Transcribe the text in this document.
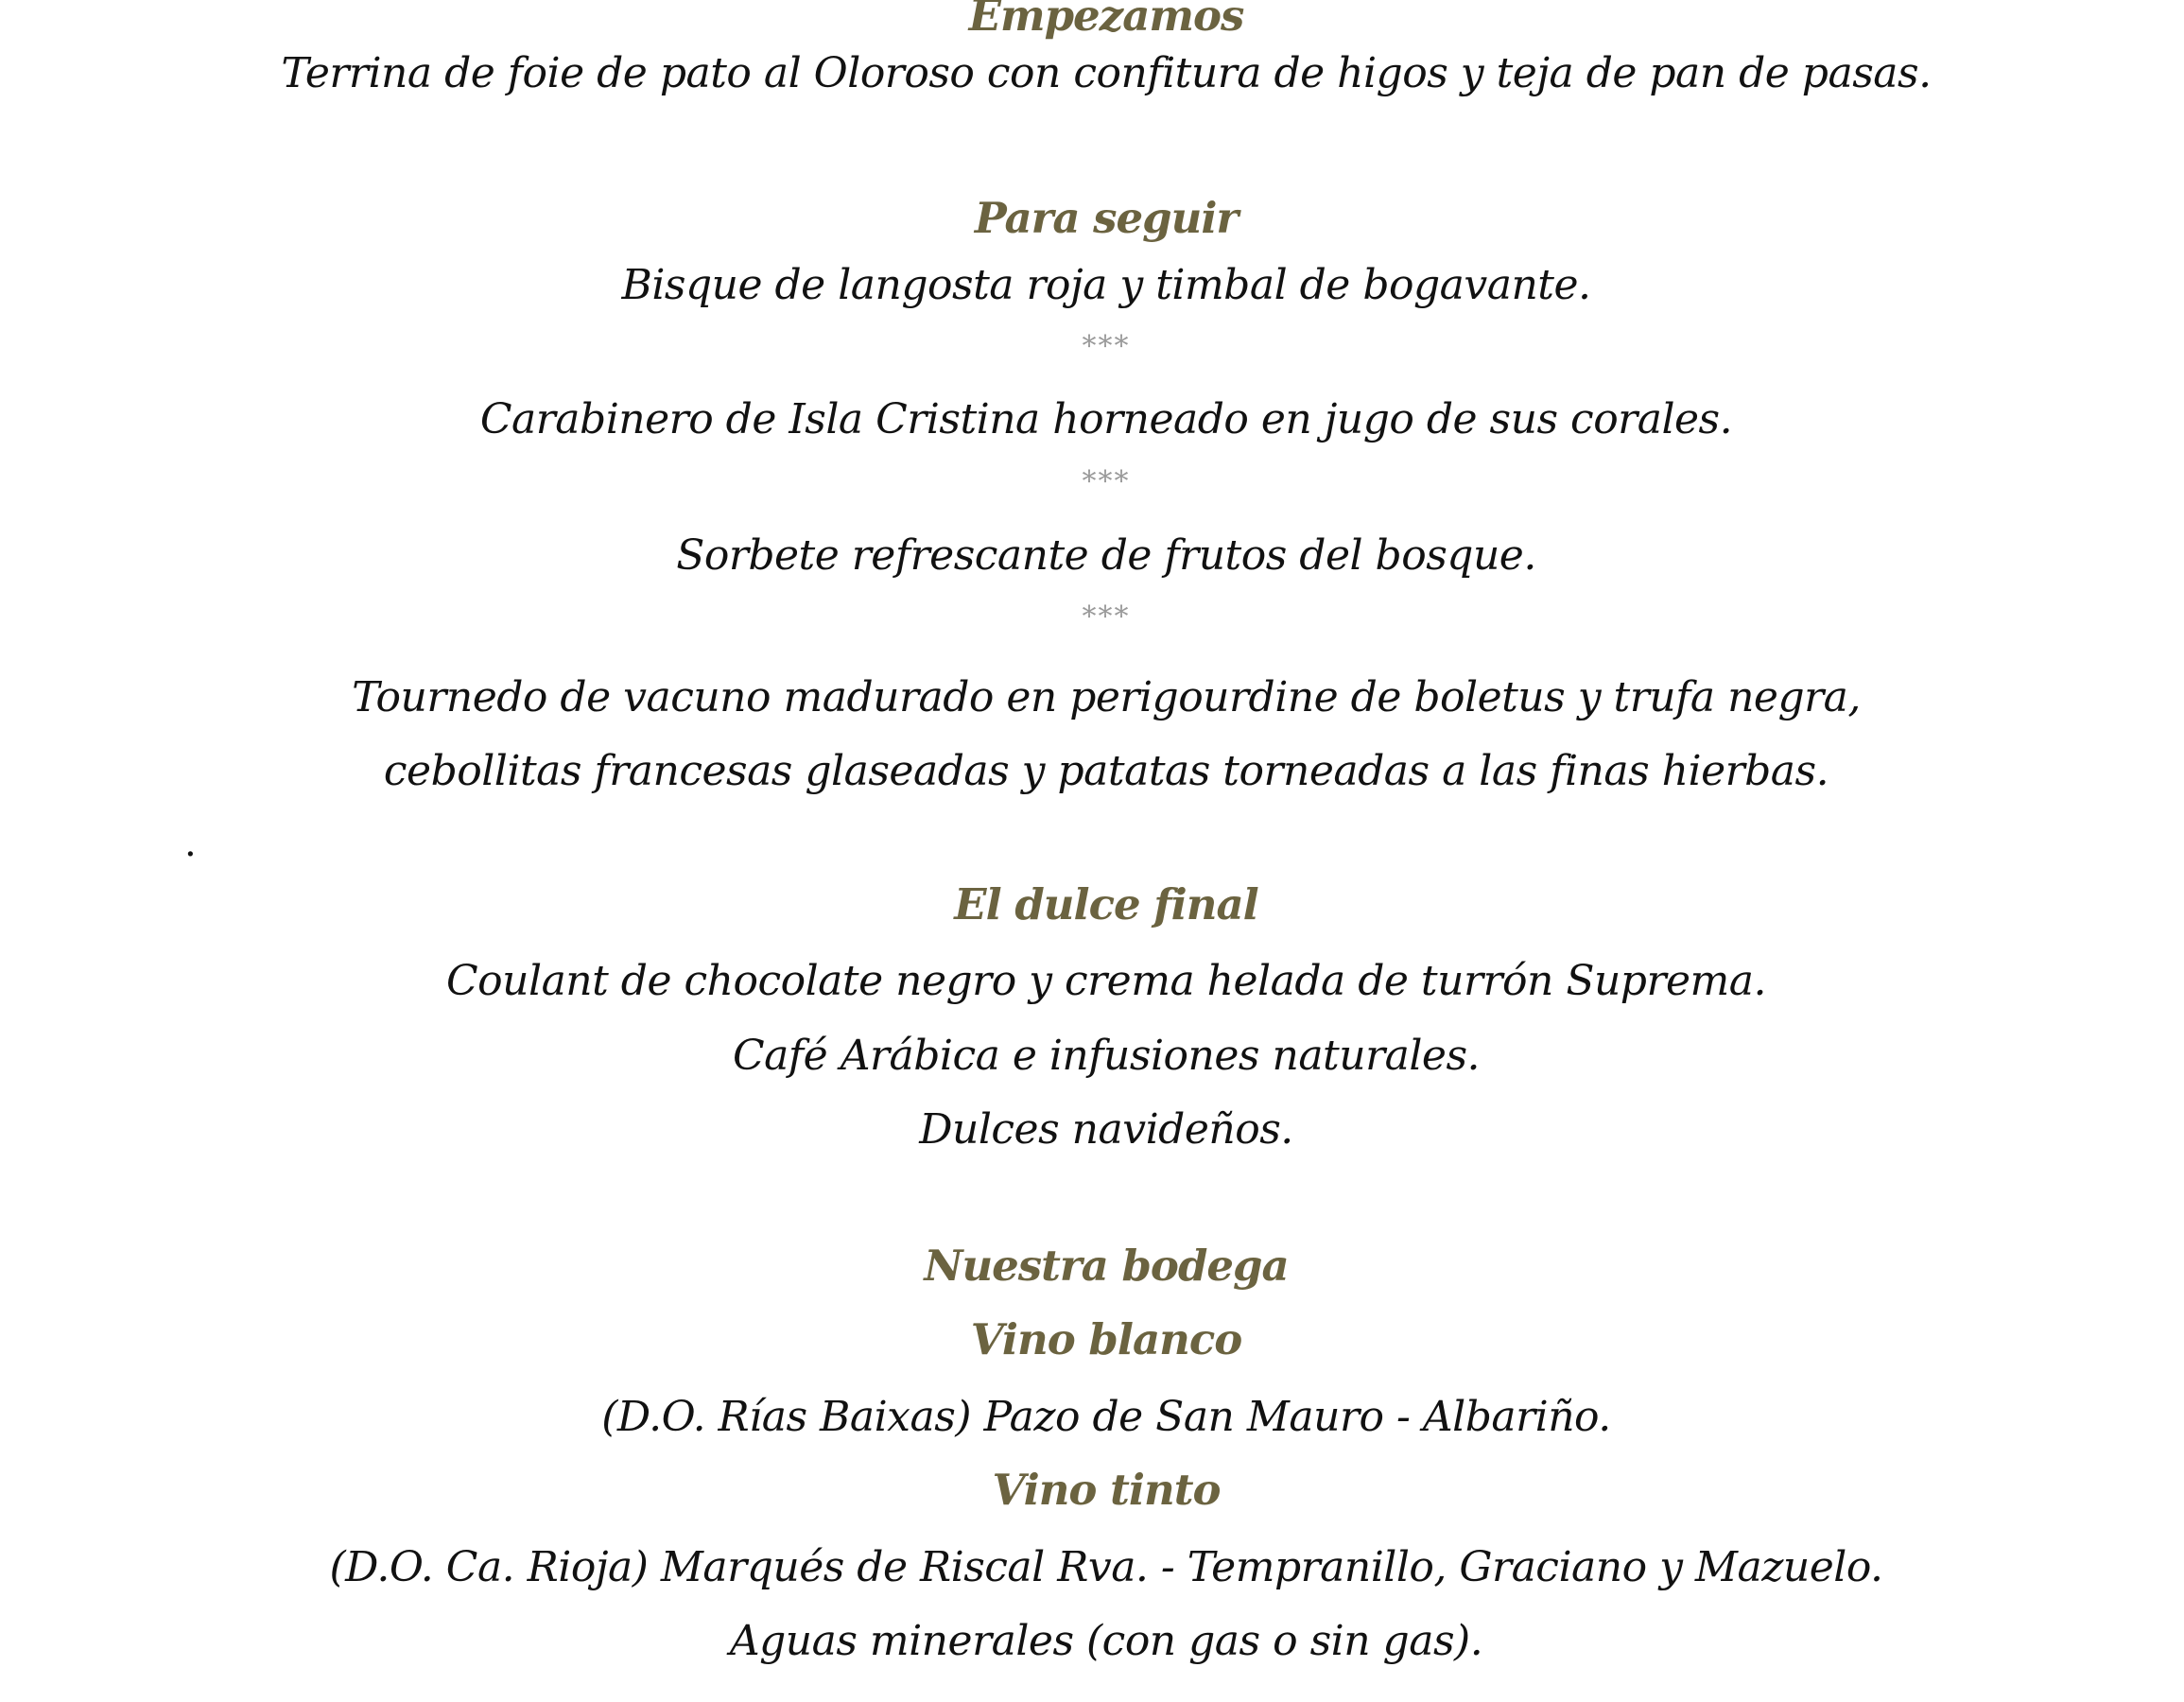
Empezamos
Terrina de foie de pato al Oloroso con confitura de higos y teja de pan de pasas.
Para seguir
Bisque de langosta roja y timbal de bogavante.
***
Carabinero de Isla Cristina horneado en jugo de sus corales.
***
Sorbete refrescante de frutos del bosque.
***
Tournedo de vacuno madurado en perigourdine de boletus y trufa negra,
cebollitas francesas glaseadas y patatas torneadas a las finas hierbas.
.
El dulce final
Coulant de chocolate negro y crema helada de turrón Suprema.
Café Arábica e infusiones naturales.
Dulces navideños.
Nuestra bodega
Vino blanco
(D.O. Rías Baixas) Pazo de San Mauro - Albariño.
Vino tinto
(D.O. Ca. Rioja) Marqués de Riscal Rva. - Tempranillo, Graciano y Mazuelo.
Aguas minerales (con gas o sin gas).
